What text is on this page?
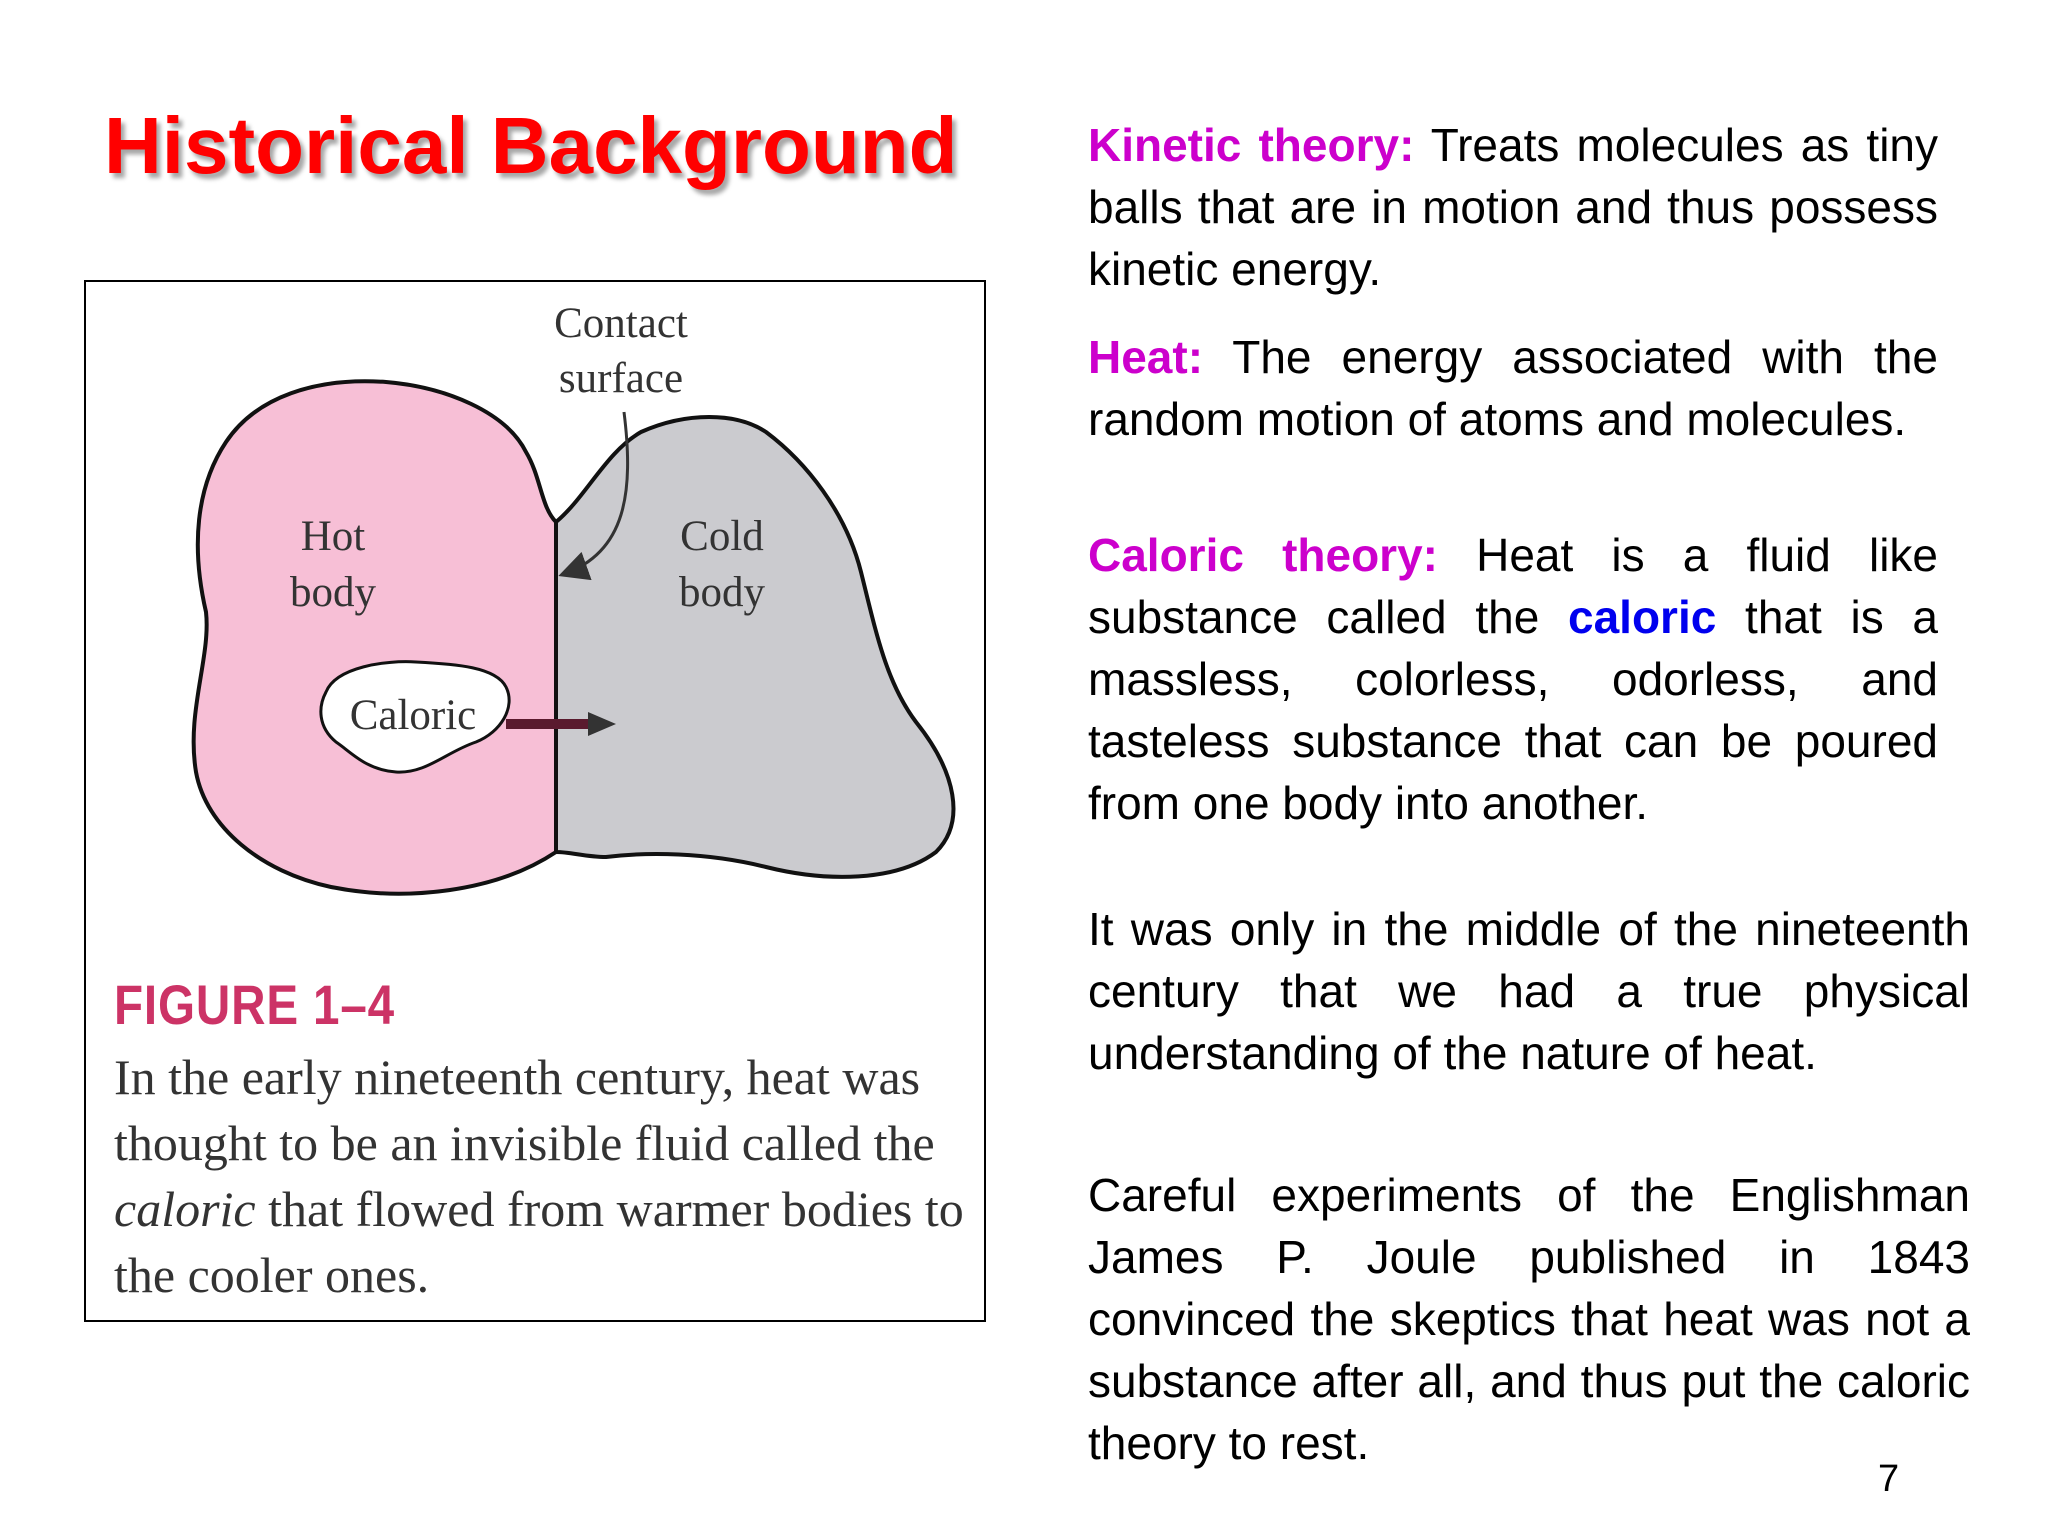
Historical Background
Contact
surface
Hot
body
Cold
body
Caloric
FIGURE 1–4
In the early nineteenth century, heat was thought to be an invisible fluid called the caloric that flowed from warmer bodies to the cooler ones.
Kinetic theory: Treats molecules as tiny balls that are in motion and thus possess kinetic energy.
Heat: The energy associated with the random motion of atoms and molecules.
Caloric theory: Heat is a fluid like substance called the caloric that is a massless, colorless, odorless, and tasteless substance that can be poured from one body into another.
It was only in the middle of the nineteenth century that we had a true physical understanding of the nature of heat.
Careful experiments of the Englishman James P. Joule published in 1843 convinced the skeptics that heat was not a substance after all, and thus put the caloric theory to rest.
7
